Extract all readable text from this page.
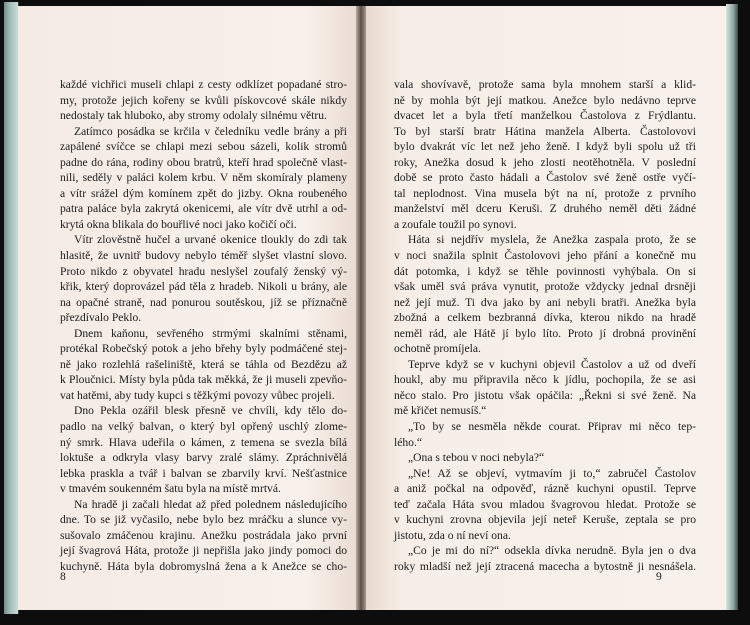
každé vichřici museli chlapi z cesty odklízet popadané stro-
my, protože jejich kořeny se kvůli pískovcové skále nikdy
nedostaly tak hluboko, aby stromy odolaly silnému větru.
Zatímco posádka se krčila v čeledníku vedle brány a při
zapálené svíčce se chlapi mezi sebou sázeli, kolik stromů
padne do rána, rodiny obou bratrů, kteří hrad společně vlast-
nili, seděly v paláci kolem krbu. V něm skomíraly plameny
a vítr srážel dým komínem zpět do jizby. Okna roubeného
patra paláce byla zakrytá okenicemi, ale vítr dvě utrhl a od-
krytá okna blikala do bouřlivé noci jako kočičí oči.
Vítr zlověstně hučel a urvané okenice tloukly do zdi tak
hlasitě, že uvnitř budovy nebylo téměř slyšet vlastní slovo.
Proto nikdo z obyvatel hradu neslyšel zoufalý ženský vý-
křik, který doprovázel pád těla z hradeb. Nikoli u brány, ale
na opačné straně, nad ponurou soutěskou, jíž se příznačně
přezdívalo Peklo.
Dnem kaňonu, sevřeného strmými skalními stěnami,
protékal Robečský potok a jeho břehy byly podmáčené stej-
ně jako rozlehlá rašeliniště, která se táhla od Bezdězu až
k Ploučnici. Místy byla půda tak měkká, že ji museli zpevňo-
vat hatěmi, aby tudy kupci s těžkými povozy vůbec projeli.
Dno Pekla ozářil blesk přesně ve chvíli, kdy tělo do-
padlo na velký balvan, o který byl opřený uschlý zlome-
ný smrk. Hlava udeřila o kámen, z temena se svezla bílá
loktuše a odkryla vlasy barvy zralé slámy. Zpráchnivělá
lebka praskla a tvář i balvan se zbarvily krví. Nešťastnice
v tmavém soukenném šatu byla na místě mrtvá.
Na hradě ji začali hledat až před polednem následujícího
dne. To se již vyčasilo, nebe bylo bez mráčku a slunce vy-
sušovalo zmáčenou krajinu. Anežku postrádala jako první
její švagrová Háta, protože ji nepřišla jako jindy pomoci do
kuchyně. Háta byla dobromyslná žena a k Anežce se cho-
8
vala shovívavě, protože sama byla mnohem starší a klid-
ně by mohla být její matkou. Anežce bylo nedávno teprve
dvacet let a byla třetí manželkou Častolova z Frýdlantu.
To byl starší bratr Hátina manžela Alberta. Častolovovi
bylo dvakrát víc let než jeho ženě. I když byli spolu už tři
roky, Anežka dosud k jeho zlosti neotěhotněla. V poslední
době se proto často hádali a Častolov své ženě ostře vyčí-
tal neplodnost. Vina musela být na ní, protože z prvního
manželství měl dceru Keruši. Z druhého neměl děti žádné
a zoufale toužil po synovi.
Háta si nejdřív myslela, že Anežka zaspala proto, že se
v noci snažila splnit Častolovovi jeho přání a konečně mu
dát potomka, i když se těhle povinnosti vyhýbala. On si
však uměl svá práva vynutit, protože vždycky jednal drsněji
než její muž. Ti dva jako by ani nebyli bratři. Anežka byla
zbožná a celkem bezbranná dívka, kterou nikdo na hradě
neměl rád, ale Hátě jí bylo líto. Proto jí drobná provinění
ochotně promíjela.
Teprve když se v kuchyni objevil Častolov a už od dveří
houkl, aby mu připravila něco k jídlu, pochopila, že se asi
něco stalo. Pro jistotu však opáčila: „Řekni si své ženě. Na
mě křičet nemusíš.“
„To by se nesměla někde courat. Připrav mi něco tep-
lého.“
„Ona s tebou v noci nebyla?“
„Ne! Až se objeví, vytmavím ji to,“ zabručel Častolov
a aniž počkal na odpověď, rázně kuchyni opustil. Teprve
teď začala Háta svou mladou švagrovou hledat. Protože se
v kuchyni zrovna objevila její neteř Keruše, zeptala se pro
jistotu, zda o ní neví ona.
„Co je mi do ní?“ odsekla dívka nerudně. Byla jen o dva
roky mladší než její ztracená macecha a bytostně ji nesnášela.
9
